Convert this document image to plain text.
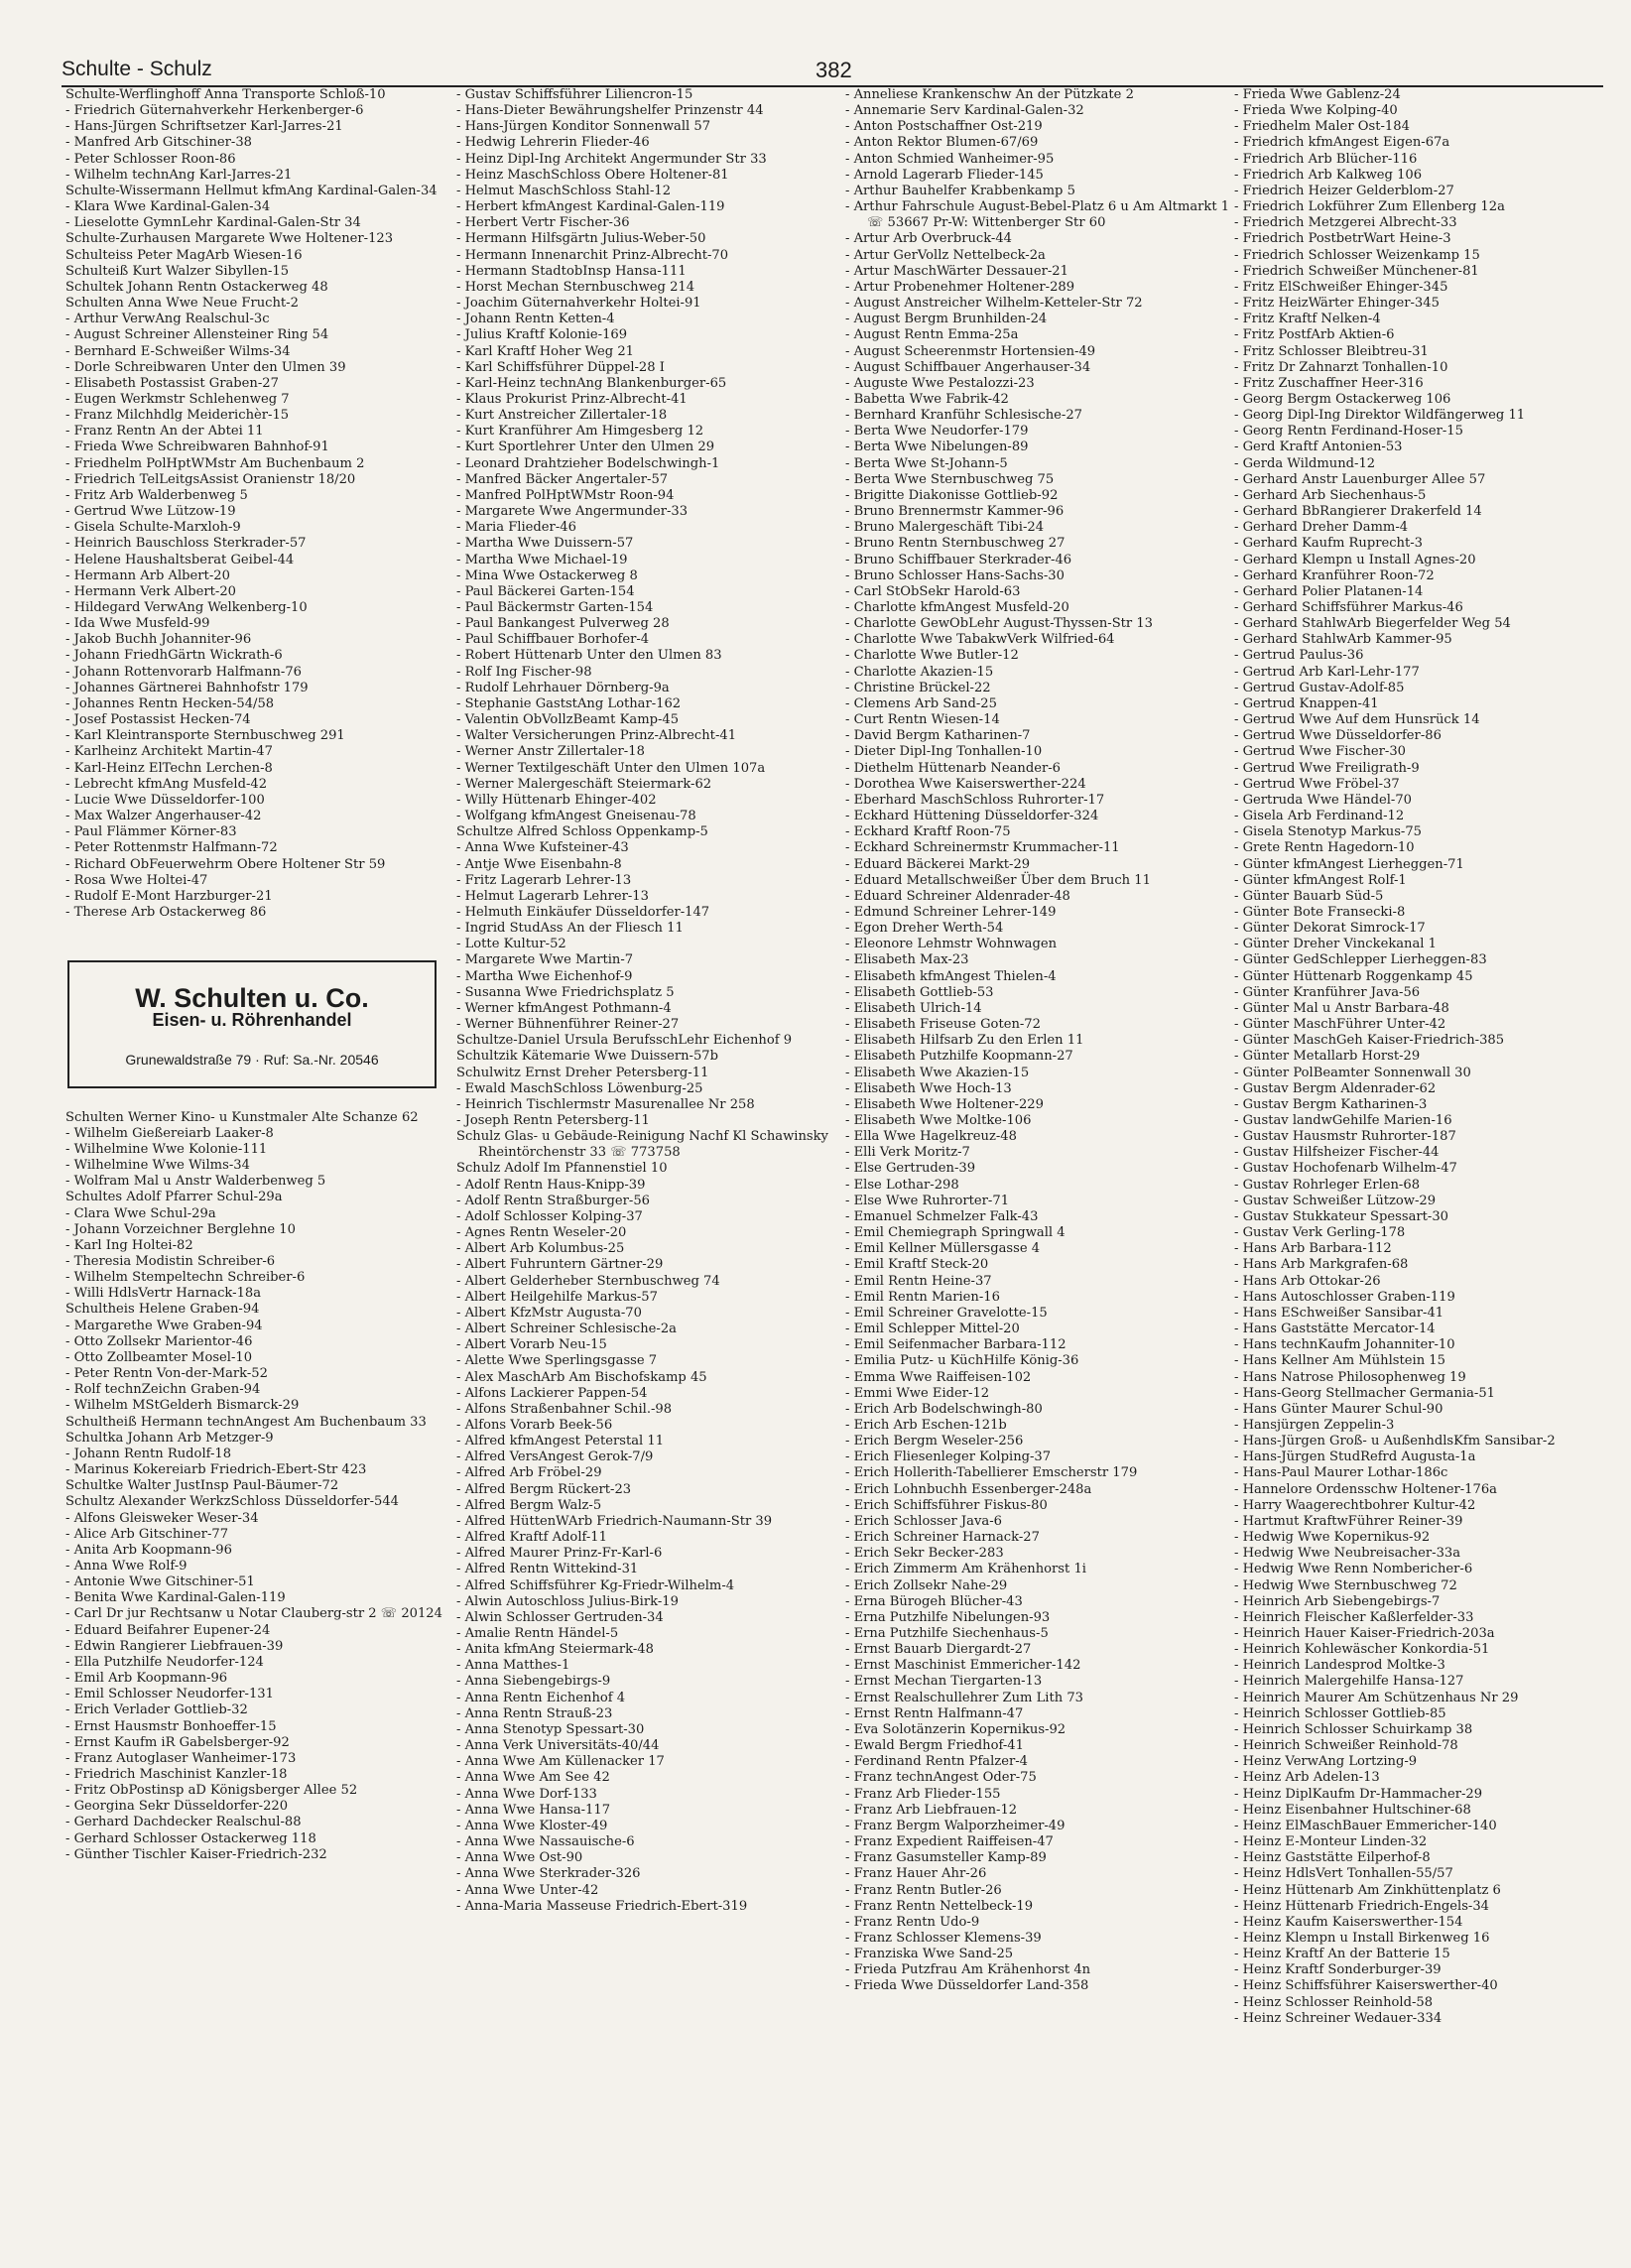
Schulte - Schulz	382
Schulte-Werflinghoff Anna Transporte Schloß-10
- Friedrich Güternahverkehr Herkenberger-6
- Hans-Jürgen Schriftsetzer Karl-Jarres-21
- Manfred Arb Gitschiner-38
- Peter Schlosser Roon-86
- Wilhelm technAng Karl-Jarres-21
Schulte-Wissermann Hellmut kfmAng Kardinal-Galen-34
- Klara Wwe Kardinal-Galen-34
- Lieselotte GymnLehr Kardinal-Galen-Str 34
Schulte-Zurhausen Margarete Wwe Holtener-123
Schulteiss Peter MagArb Wiesen-16
Schulteiß Kurt Walzer Sibyllen-15
Schultek Johann Rentn Ostackerweg 48
Schulten Anna Wwe Neue Frucht-2
- Arthur VerwAng Realschul-3c
- August Schreiner Allensteiner Ring 54
- Bernhard E-Schweißer Wilms-34
- Dorle Schreibwaren Unter den Ulmen 39
- Elisabeth Postassist Graben-27
- Eugen Werkmstr Schlehenweg 7
- Franz Milchhdlg Meiderichèr-15
- Franz Rentn An der Abtei 11
- Frieda Wwe Schreibwaren Bahnhof-91
- Friedhelm PolHptWMstr Am Buchenbaum 2
- Friedrich TelLeitgsAssist Oranienstr 18/20
- Fritz Arb Walderbenweg 5
- Gertrud Wwe Lützow-19
- Gisela Schulte-Marxloh-9
- Heinrich Bauschloss Sterkrader-57
- Helene Haushaltsberat Geibel-44
- Hermann Arb Albert-20
- Hermann Verk Albert-20
- Hildegard VerwAng Welkenberg-10
- Ida Wwe Musfeld-99
- Jakob Buchh Johanniter-96
- Johann FriedhGärtn Wickrath-6
- Johann Rottenvorarb Halfmann-76
- Johannes Gärtnerei Bahnhofstr 179
- Johannes Rentn Hecken-54/58
- Josef Postassist Hecken-74
- Karl Kleintransporte Sternbuschweg 291
- Karlheinz Architekt Martin-47
- Karl-Heinz ElTechn Lerchen-8
- Lebrecht kfmAng Musfeld-42
- Lucie Wwe Düsseldorfer-100
- Max Walzer Angerhauser-42
- Paul Flämmer Körner-83
- Peter Rottenmstr Halfmann-72
- Richard ObFeuerwehrm Obere Holtener Str 59
- Rosa Wwe Holtei-47
- Rudolf E-Mont Harzburger-21
- Therese Arb Ostackerweg 86
W. Schulten u. Co.
Eisen- u. Röhrenhandel
Grunewaldstraße 79 · Ruf: Sa.-Nr. 20546
Schulten Werner Kino- u Kunstmaler Alte Schanze 62
- Wilhelm Gießereiarb Laaker-8
- Wilhelmine Wwe Kolonie-111
- Wilhelmine Wwe Wilms-34
- Wolfram Mal u Anstr Walderbenweg 5
Schultes Adolf Pfarrer Schul-29a
- Clara Wwe Schul-29a
- Johann Vorzeichner Berglehne 10
- Karl Ing Holtei-82
- Theresia Modistin Schreiber-6
- Wilhelm Stempeltechn Schreiber-6
- Willi HdlsVertr Harnack-18a
Schultheis Helene Graben-94
- Margarethe Wwe Graben-94
- Otto Zollsekr Marientor-46
- Otto Zollbeamter Mosel-10
- Peter Rentn Von-der-Mark-52
- Rolf technZeichn Graben-94
- Wilhelm MStGelderh Bismarck-29
Schultheiß Hermann technAngest Am Buchenbaum 33
Schultka Johann Arb Metzger-9
- Johann Rentn Rudolf-18
- Marinus Kokereiarb Friedrich-Ebert-Str 423
Schultke Walter JustInsp Paul-Bäumer-72
Schultz Alexander WerkzSchloss Düsseldorfer-544
- Alfons Gleisweker Weser-34
- Alice Arb Gitschiner-77
- Anita Arb Koopmann-96
- Anna Wwe Rolf-9
- Antonie Wwe Gitschiner-51
- Benita Wwe Kardinal-Galen-119
- Carl Dr jur Rechtsanw u Notar Clauberg-str 2 ☏ 20124
- Eduard Beifahrer Eupener-24
- Edwin Rangierer Liebfrauen-39
- Ella Putzhilfe Neudorfer-124
- Emil Arb Koopmann-96
- Emil Schlosser Neudorfer-131
- Erich Verlader Gottlieb-32
- Ernst Hausmstr Bonhoeffer-15
- Ernst Kaufm iR Gabelsberger-92
- Franz Autoglaser Wanheimer-173
- Friedrich Maschinist Kanzler-18
- Fritz ObPostinsp aD Königsberger Allee 52
- Georgina Sekr Düsseldorfer-220
- Gerhard Dachdecker Realschul-88
- Gerhard Schlosser Ostackerweg 118
- Günther Tischler Kaiser-Friedrich-232
- Gustav Schiffsführer Liliencron-15
- Hans-Dieter Bewährungshelfer Prinzenstr 44
- Hans-Jürgen Konditor Sonnenwall 57
- Hedwig Lehrerin Flieder-46
- Heinz Dipl-Ing Architekt Angermunder Str 33
- Heinz MaschSchloss Obere Holtener-81
- Helmut MaschSchloss Stahl-12
- Herbert kfmAngest Kardinal-Galen-119
- Herbert Vertr Fischer-36
- Hermann Hilfsgärtn Julius-Weber-50
- Hermann Innenarchit Prinz-Albrecht-70
- Hermann StadtobInsp Hansa-111
- Horst Mechan Sternbuschweg 214
- Joachim Güternahverkehr Holtei-91
- Johann Rentn Ketten-4
- Julius Kraftf Kolonie-169
- Karl Kraftf Hoher Weg 21
- Karl Schiffsführer Düppel-28 I
- Karl-Heinz technAng Blankenburger-65
- Klaus Prokurist Prinz-Albrecht-41
- Kurt Anstreicher Zillertaler-18
- Kurt Kranführer Am Himgesberg 12
- Kurt Sportlehrer Unter den Ulmen 29
- Leonard Drahtzieher Bodelschwingh-1
- Manfred Bäcker Angertaler-57
- Manfred PolHptWMstr Roon-94
- Margarete Wwe Angermunder-33
- Maria Flieder-46
- Martha Wwe Duissern-57
- Martha Wwe Michael-19
- Mina Wwe Ostackerweg 8
- Paul Bäckerei Garten-154
- Paul Bäckermstr Garten-154
- Paul Bankangest Pulverweg 28
- Paul Schiffbauer Borhofer-4
- Robert Hüttenarb Unter den Ulmen 83
- Rolf Ing Fischer-98
- Rudolf Lehrhauer Dörnberg-9a
- Stephanie GaststAng Lothar-162
- Valentin ObVollzBeamt Kamp-45
- Walter Versicherungen Prinz-Albrecht-41
- Werner Anstr Zillertaler-18
- Werner Textilgeschäft Unter den Ulmen 107a
- Werner Malergeschäft Steiermark-62
- Willy Hüttenarb Ehinger-402
- Wolfgang kfmAngest Gneisenau-78
Schultze Alfred Schloss Oppenkamp-5
- Anna Wwe Kufsteiner-43
- Antje Wwe Eisenbahn-8
- Fritz Lagerarb Lehrer-13
- Helmut Lagerarb Lehrer-13
- Helmuth Einkäufer Düsseldorfer-147
- Ingrid StudAss An der Fliesch 11
- Lotte Kultur-52
- Margarete Wwe Martin-7
- Martha Wwe Eichenhof-9
- Susanna Wwe Friedrichsplatz 5
- Werner kfmAngest Pothmann-4
- Werner Bühnenführer Reiner-27
Schultze-Daniel Ursula BerufsschLehr Eichenhof 9
Schultzik Kätemarie Wwe Duissern-57b
Schulwitz Ernst Dreher Petersberg-11
- Ewald MaschSchloss Löwenburg-25
- Heinrich Tischlermstr Masurenallee Nr 258
- Joseph Rentn Petersberg-11
Schulz Glas- u Gebäude-Reinigung Nachf Kl Schawinsky Rheintörchenstr 33 ☏ 773758
Schulz Adolf Im Pfannenstiel 10
- Adolf Rentn Haus-Knipp-39
- Adolf Rentn Straßburger-56
- Adolf Schlosser Kolping-37
- Agnes Rentn Weseler-20
- Albert Arb Kolumbus-25
- Albert Fuhruntern Gärtner-29
- Albert Gelderheber Sternbuschweg 74
- Albert Heilgehilfe Markus-57
- Albert KfzMstr Augusta-70
- Albert Schreiner Schlesische-2a
- Albert Vorarb Neu-15
- Alette Wwe Sperlingsgasse 7
- Alex MaschArb Am Bischofskamp 45
- Alfons Lackierer Pappen-54
- Alfons Straßenbahner Schil.-98
- Alfons Vorarb Beek-56
- Alfred kfmAngest Peterstal 11
- Alfred VersAngest Gerok-7/9
- Alfred Arb Fröbel-29
- Alfred Bergm Rückert-23
- Alfred Bergm Walz-5
- Alfred HüttenWArb Friedrich-Naumann-Str 39
- Alfred Kraftf Adolf-11
- Alfred Maurer Prinz-Fr-Karl-6
- Alfred Rentn Wittekind-31
- Alfred Schiffsführer Kg-Friedr-Wilhelm-4
- Alwin Autoschloss Julius-Birk-19
- Alwin Schlosser Gertruden-34
- Amalie Rentn Händel-5
- Anita kfmAng Steiermark-48
- Anna Matthes-1
- Anna Siebengebirgs-9
- Anna Rentn Eichenhof 4
- Anna Rentn Strauß-23
- Anna Stenotyp Spessart-30
- Anna Verk Universitäts-40/44
- Anna Wwe Am Küllenacker 17
- Anna Wwe Am See 42
- Anna Wwe Dorf-133
- Anna Wwe Hansa-117
- Anna Wwe Kloster-49
- Anna Wwe Nassauische-6
- Anna Wwe Ost-90
- Anna Wwe Sterkrader-326
- Anna Wwe Unter-42
- Anna-Maria Masseuse Friedrich-Ebert-319
- Anneliese Krankenschw An der Pützkate 2
- Annemarie Serv Kardinal-Galen-32
- Anton Postschaffner Ost-219
- Anton Rektor Blumen-67/69
- Anton Schmied Wanheimer-95
- Arnold Lagerarb Flieder-145
- Arthur Bauhelfer Krabbenkamp 5
- Arthur Fahrschule August-Bebel-Platz 6 u Am Altmarkt 1 ☏ 53667 Pr-W: Wittenberger Str 60
- Artur Arb Overbruck-44
- Artur GerVollz Nettelbeck-2a
- Artur MaschWärter Dessauer-21
- Artur Probenehmer Holtener-289
- August Anstreicher Wilhelm-Ketteler-Str 72
- August Bergm Brunhilden-24
- August Rentn Emma-25a
- August Scheerenmstr Hortensien-49
- August Schiffbauer Angerhauser-34
- Auguste Wwe Pestalozzi-23
- Babetta Wwe Fabrik-42
- Bernhard Kranführ Schlesische-27
- Berta Wwe Neudorfer-179
- Berta Wwe Nibelungen-89
- Berta Wwe St-Johann-5
- Berta Wwe Sternbuschweg 75
- Brigitte Diakonisse Gottlieb-92
- Bruno Brennermstr Kammer-96
- Bruno Malergeschäft Tibi-24
- Bruno Rentn Sternbuschweg 27
- Bruno Schiffbauer Sterkrader-46
- Bruno Schlosser Hans-Sachs-30
- Carl StObSekr Harold-63
- Charlotte kfmAngest Musfeld-20
- Charlotte GewObLehr August-Thyssen-Str 13
- Charlotte Wwe TabakwVerk Wilfried-64
- Charlotte Wwe Butler-12
- Charlotte Akazien-15
- Christine Brückel-22
- Clemens Arb Sand-25
- Curt Rentn Wiesen-14
- David Bergm Katharinen-7
- Dieter Dipl-Ing Tonhallen-10
- Diethelm Hüttenarb Neander-6
- Dorothea Wwe Kaiserswerther-224
- Eberhard MaschSchloss Ruhrorter-17
- Eckhard Hüttening Düsseldorfer-324
- Eckhard Kraftf Roon-75
- Eckhard Schreinermstr Krummacher-11
- Eduard Bäckerei Markt-29
- Eduard Metallschweißer Über dem Bruch 11
- Eduard Schreiner Aldenrader-48
- Edmund Schreiner Lehrer-149
- Egon Dreher Werth-54
- Eleonore Lehmstr Wohnwagen
- Elisabeth Max-23
- Elisabeth kfmAngest Thielen-4
- Elisabeth Gottlieb-53
- Elisabeth Ulrich-14
- Elisabeth Friseuse Goten-72
- Elisabeth Hilfsarb Zu den Erlen 11
- Elisabeth Putzhilfe Koopmann-27
- Elisabeth Wwe Akazien-15
- Elisabeth Wwe Hoch-13
- Elisabeth Wwe Holtener-229
- Elisabeth Wwe Moltke-106
- Ella Wwe Hagelkreuz-48
- Elli Verk Moritz-7
- Else Gertruden-39
- Else Lothar-298
- Else Wwe Ruhrorter-71
- Emanuel Schmelzer Falk-43
- Emil Chemiegraph Springwall 4
- Emil Kellner Müllersgasse 4
- Emil Kraftf Steck-20
- Emil Rentn Heine-37
- Emil Rentn Marien-16
- Emil Schreiner Gravelotte-15
- Emil Schlepper Mittel-20
- Emil Seifenmacher Barbara-112
- Emilia Putz- u KüchHilfe König-36
- Emma Wwe Raiffeisen-102
- Emmi Wwe Eider-12
- Erich Arb Bodelschwingh-80
- Erich Arb Eschen-121b
- Erich Bergm Weseler-256
- Erich Fliesenleger Kolping-37
- Erich Hollerith-Tabellierer Emscherstr 179
- Erich Lohnbuchh Essenberger-248a
- Erich Schiffsführer Fiskus-80
- Erich Schlosser Java-6
- Erich Schreiner Harnack-27
- Erich Sekr Becker-283
- Erich Zimmerm Am Krähenhorst 1i
- Erich Zollsekr Nahe-29
- Erna Bürogeh Blücher-43
- Erna Putzhilfe Nibelungen-93
- Erna Putzhilfe Siechenhaus-5
- Ernst Bauarb Diergardt-27
- Ernst Maschinist Emmericher-142
- Ernst Mechan Tiergarten-13
- Ernst Realschullehrer Zum Lith 73
- Ernst Rentn Halfmann-47
- Eva Solotänzerin Kopernikus-92
- Ewald Bergm Friedhof-41
- Ferdinand Rentn Pfalzer-4
- Franz technAngest Oder-75
- Franz Arb Flieder-155
- Franz Arb Liebfrauen-12
- Franz Bergm Walporzheimer-49
- Franz Expedient Raiffeisen-47
- Franz Gasumsteller Kamp-89
- Franz Hauer Ahr-26
- Franz Rentn Butler-26
- Franz Rentn Nettelbeck-19
- Franz Rentn Udo-9
- Franz Schlosser Klemens-39
- Franziska Wwe Sand-25
- Frieda Putzfrau Am Krähenhorst 4n
- Frieda Wwe Düsseldorfer Land-358
- Frieda Wwe Gablenz-24
- Frieda Wwe Kolping-40
- Friedhelm Maler Ost-184
- Friedrich kfmAngest Eigen-67a
- Friedrich Arb Blücher-116
- Friedrich Arb Kalkweg 106
- Friedrich Heizer Gelderblom-27
- Friedrich Lokführer Zum Ellenberg 12a
- Friedrich Metzgerei Albrecht-33
- Friedrich PostbetrWart Heine-3
- Friedrich Schlosser Weizenkamp 15
- Friedrich Schweißer Münchener-81
- Fritz ElSchweißer Ehinger-345
- Fritz HeizWärter Ehinger-345
- Fritz Kraftf Nelken-4
- Fritz PostfArb Aktien-6
- Fritz Schlosser Bleibtreu-31
- Fritz Dr Zahnarzt Tonhallen-10
- Fritz Zuschaffner Heer-316
- Georg Bergm Ostackerweg 106
- Georg Dipl-Ing Direktor Wildfängerweg 11
- Georg Rentn Ferdinand-Hoser-15
- Gerd Kraftf Antonien-53
- Gerda Wildmund-12
- Gerhard Anstr Lauenburger Allee 57
- Gerhard Arb Siechenhaus-5
- Gerhard BbRangierer Drakerfeld 14
- Gerhard Dreher Damm-4
- Gerhard Kaufm Ruprecht-3
- Gerhard Klempn u Install Agnes-20
- Gerhard Kranführer Roon-72
- Gerhard Polier Platanen-14
- Gerhard Schiffsführer Markus-46
- Gerhard StahlwArb Biegerfelder Weg 54
- Gerhard StahlwArb Kammer-95
- Gertrud Paulus-36
- Gertrud Arb Karl-Lehr-177
- Gertrud Gustav-Adolf-85
- Gertrud Knappen-41
- Gertrud Wwe Auf dem Hunsrück 14
- Gertrud Wwe Düsseldorfer-86
- Gertrud Wwe Fischer-30
- Gertrud Wwe Freiligrath-9
- Gertrud Wwe Fröbel-37
- Gertruda Wwe Händel-70
- Gisela Arb Ferdinand-12
- Gisela Stenotyp Markus-75
- Grete Rentn Hagedorn-10
- Günter kfmAngest Lierheggen-71
- Günter kfmAngest Rolf-1
- Günter Bauarb Süd-5
- Günter Bote Fransecki-8
- Günter Dekorat Simrock-17
- Günter Dreher Vinckekanal 1
- Günter GedSchlepper Lierheggen-83
- Günter Hüttenarb Roggenkamp 45
- Günter Kranführer Java-56
- Günter Mal u Anstr Barbara-48
- Günter MaschFührer Unter-42
- Günter MaschGeh Kaiser-Friedrich-385
- Günter Metallarb Horst-29
- Günter PolBeamter Sonnenwall 30
- Gustav Bergm Aldenrader-62
- Gustav Bergm Katharinen-3
- Gustav landwGehilfe Marien-16
- Gustav Hausmstr Ruhrorter-187
- Gustav Hilfsheizer Fischer-44
- Gustav Hochofenarb Wilhelm-47
- Gustav Rohrleger Erlen-68
- Gustav Schweißer Lützow-29
- Gustav Stukkateur Spessart-30
- Gustav Verk Gerling-178
- Hans Arb Barbara-112
- Hans Arb Markgrafen-68
- Hans Arb Ottokar-26
- Hans Autoschlosser Graben-119
- Hans ESchweißer Sansibar-41
- Hans Gaststätte Mercator-14
- Hans technKaufm Johanniter-10
- Hans Kellner Am Mühlstein 15
- Hans Natrose Philosophenweg 19
- Hans-Georg Stellmacher Germania-51
- Hans Günter Maurer Schul-90
- Hansjürgen Zeppelin-3
- Hans-Jürgen Groß- u AußenhdlsKfm Sansibar-2
- Hans-Jürgen StudRefrd Augusta-1a
- Hans-Paul Maurer Lothar-186c
- Hannelore Ordensschw Holtener-176a
- Harry Waagerechtbohrer Kultur-42
- Hartmut KraftwFührer Reiner-39
- Hedwig Wwe Kopernikus-92
- Hedwig Wwe Neubreisacher-33a
- Hedwig Wwe Renn Nombericher-6
- Hedwig Wwe Sternbuschweg 72
- Heinrich Arb Siebengebirgs-7
- Heinrich Fleischer Kaßlerfelder-33
- Heinrich Hauer Kaiser-Friedrich-203a
- Heinrich Kohlewäscher Konkordia-51
- Heinrich Landesprod Moltke-3
- Heinrich Malergehilfe Hansa-127
- Heinrich Maurer Am Schützenhaus Nr 29
- Heinrich Schlosser Gottlieb-85
- Heinrich Schlosser Schuirkamp 38
- Heinrich Schweißer Reinhold-78
- Heinz VerwAng Lortzing-9
- Heinz Arb Adelen-13
- Heinz DiplKaufm Dr-Hammacher-29
- Heinz Eisenbahner Hultschiner-68
- Heinz ElMaschBauer Emmericher-140
- Heinz E-Monteur Linden-32
- Heinz Gaststätte Eilperhof-8
- Heinz HdlsVert Tonhallen-55/57
- Heinz Hüttenarb Am Zinkhüttenplatz 6
- Heinz Hüttenarb Friedrich-Engels-34
- Heinz Kaufm Kaiserswerther-154
- Heinz Klempn u Install Birkenweg 16
- Heinz Kraftf An der Batterie 15
- Heinz Kraftf Sonderburger-39
- Heinz Schiffsführer Kaiserswerther-40
- Heinz Schlosser Reinhold-58
- Heinz Schreiner Wedauer-334
